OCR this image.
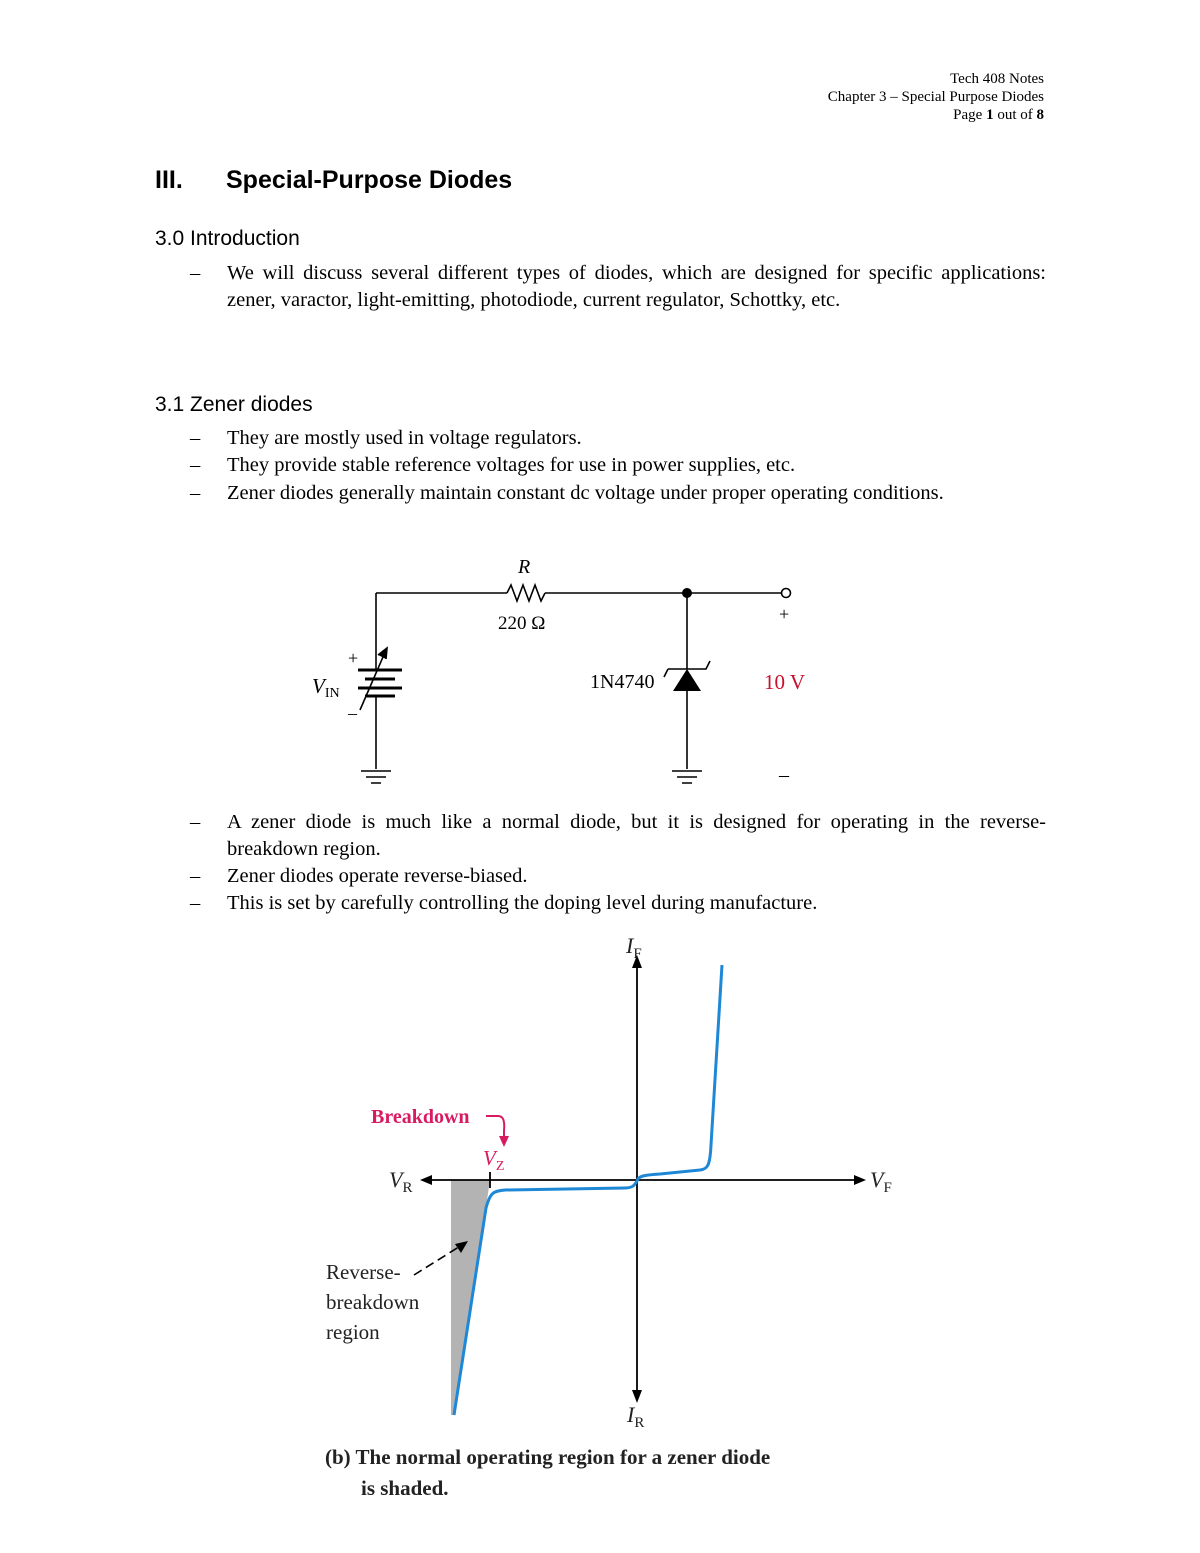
Tech 408 Notes
Chapter 3 – Special Purpose Diodes
Page 1 out of 8
III. Special-Purpose Diodes
3.0 Introduction
– We will discuss several different types of diodes, which are designed for specific applications: zener, varactor, light-emitting, photodiode, current regulator, Schottky, etc.
3.1 Zener diodes
– They are mostly used in voltage regulators.
– They provide stable reference voltages for use in power supplies, etc.
– Zener diodes generally maintain constant dc voltage under proper operating conditions.
R
220 Ω
VIN
+
–
1N4740
+
10 V
–
– A zener diode is much like a normal diode, but it is designed for operating in the reverse-breakdown region.
– Zener diodes operate reverse-biased.
– This is set by carefully controlling the doping level during manufacture.
$I_F$
$I_R$
$V_R$	$V_F$
$V_Z$
Breakdown
Reverse-
breakdown
region
(b) The normal operating region for a zener diode
is shaded.
